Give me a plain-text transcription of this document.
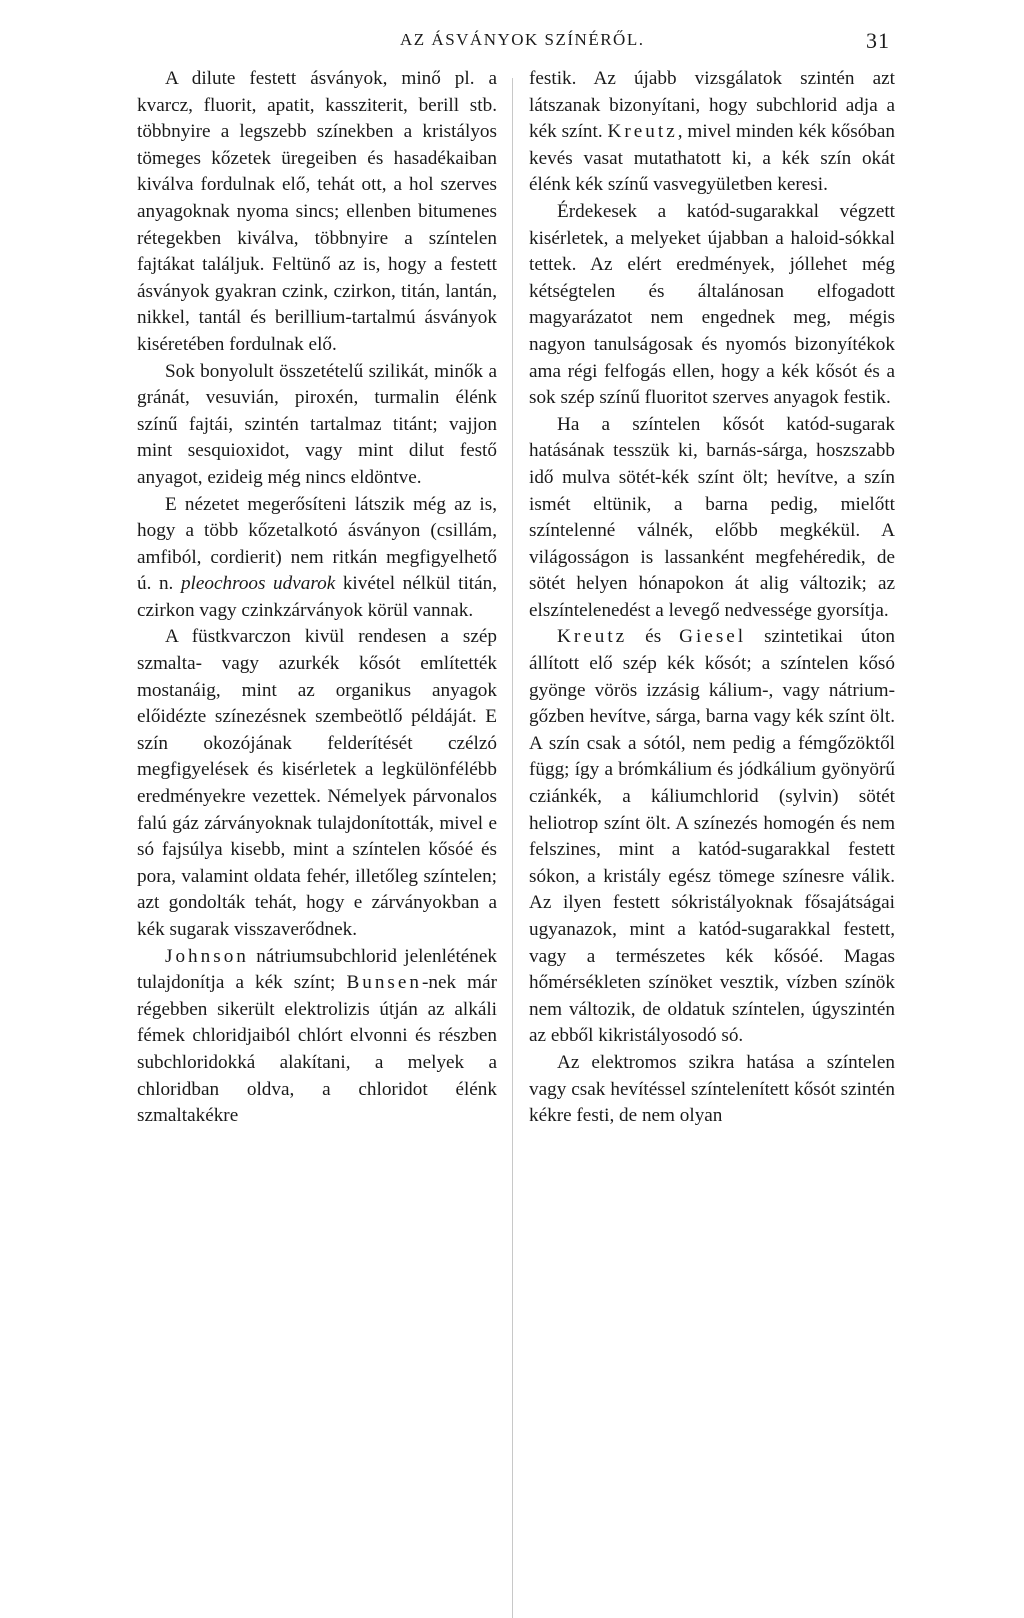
AZ ÁSVÁNYOK SZÍNÉRŐL.	31

A dilute festett ásványok, minő pl. a kvarcz, fluorit, apatit, kassziterit, berill stb. többnyire a legszebb színekben a kristályos tömeges kőzetek üregeiben és hasadékaiban kiválva fordulnak elő, tehát ott, a hol szerves anyagoknak nyoma sincs; ellenben bitumenes rétegekben kiválva, többnyire a színtelen fajtákat találjuk. Feltünő az is, hogy a festett ásványok gyakran czink, czirkon, titán, lantán, nikkel, tantál és berillium-tartalmú ásványok kiséretében fordulnak elő.

Sok bonyolult összetételű szilikát, minők a gránát, vesuvián, piroxén, turmalin élénk színű fajtái, szintén tartalmaz titánt; vajjon mint sesquioxidot, vagy mint dilut festő anyagot, ezideig még nincs eldöntve.

E nézetet megerősíteni látszik még az is, hogy a több kőzetalkotó ásványon (csillám, amfiból, cordierit) nem ritkán megfigyelhető ú. n. pleochroos udvarok kivétel nélkül titán, czirkon vagy czinkzárványok körül vannak.

A füstkvarczon kivül rendesen a szép szmalta- vagy azurkék kősót említették mostanáig, mint az organikus anyagok előidézte színezésnek szembeötlő példáját. E szín okozójának felderítését czélzó megfigyelések és kisérletek a legkülönfélébb eredményekre vezettek. Némelyek párvonalos falú gáz zárványoknak tulajdonították, mivel e só fajsúlya kisebb, mint a színtelen kősóé és pora, valamint oldata fehér, illetőleg színtelen; azt gondolták tehát, hogy e zárványokban a kék sugarak visszaverődnek.

Johnson nátriumsubchlorid jelenlétének tulajdonítja a kék színt; Bunsen-nek már régebben sikerült elektrolizis útján az alkáli fémek chloridjaiból chlórt elvonni és részben subchloridokká alakítani, a melyek a chloridban oldva, a chloridot élénk szmaltakékre

festik. Az újabb vizsgálatok szintén azt látszanak bizonyítani, hogy subchlorid adja a kék színt. Kreutz, mivel minden kék kősóban kevés vasat mutathatott ki, a kék szín okát élénk kék színű vasvegyületben keresi.

Érdekesek a katód-sugarakkal végzett kisérletek, a melyeket újabban a haloid-sókkal tettek. Az elért eredmények, jóllehet még kétségtelen és általánosan elfogadott magyarázatot nem engednek meg, mégis nagyon tanulságosak és nyomós bizonyítékok ama régi felfogás ellen, hogy a kék kősót és a sok szép színű fluoritot szerves anyagok festik.

Ha a színtelen kősót katód-sugarak hatásának tesszük ki, barnás-sárga, hoszszabb idő mulva sötét-kék színt ölt; hevítve, a szín ismét eltünik, a barna pedig, mielőtt színtelenné válnék, előbb megkékül. A világosságon is lassanként megfehéredik, de sötét helyen hónapokon át alig változik; az elszíntelenedést a levegő nedvessége gyorsítja.

Kreutz és Giesel szintetikai úton állított elő szép kék kősót; a színtelen kősó gyönge vörös izzásig kálium-, vagy nátrium-gőzben hevítve, sárga, barna vagy kék színt ölt. A szín csak a sótól, nem pedig a fémgőzöktől függ; így a brómkálium és jódkálium gyönyörű cziánkék, a káliumchlorid (sylvin) sötét heliotrop színt ölt. A színezés homogén és nem felszines, mint a katód-sugarakkal festett sókon, a kristály egész tömege színesre válik. Az ilyen festett sókristályoknak fősajátságai ugyanazok, mint a katód-sugarakkal festett, vagy a természetes kék kősóé. Magas hőmérsékleten színöket vesztik, vízben színök nem változik, de oldatuk színtelen, úgyszintén az ebből kikristályosodó só.

Az elektromos szikra hatása a színtelen vagy csak hevítéssel színtelenített kősót szintén kékre festi, de nem olyan
